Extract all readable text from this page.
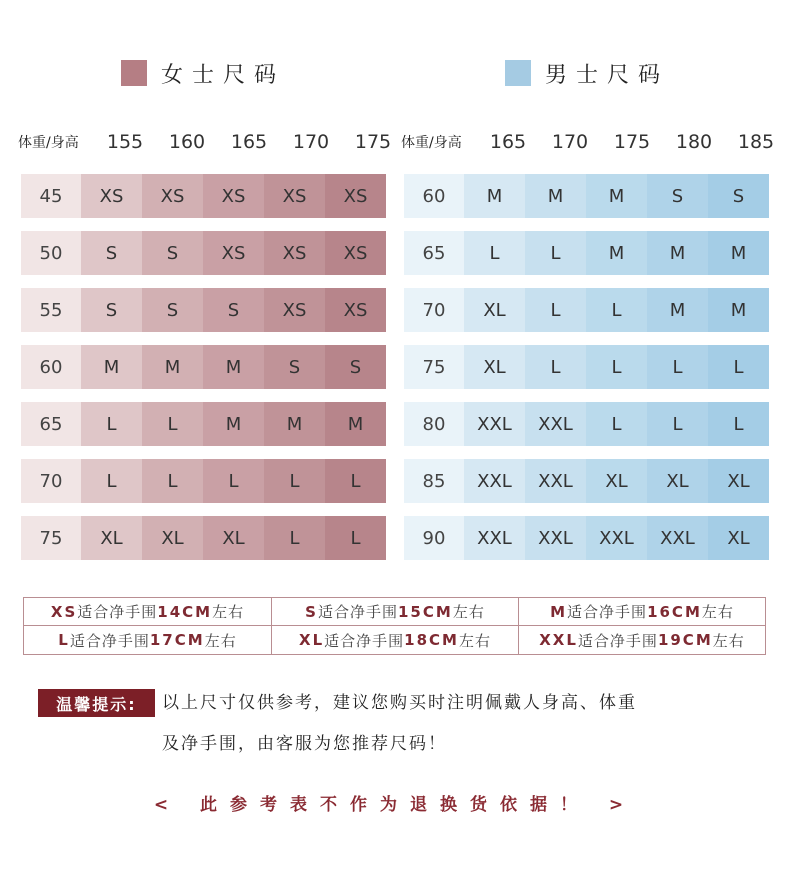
女士尺码	男士尺码
体重/身高	155	160	165	170	175
45	XS	XS	XS	XS	XS
50	S	S	XS	XS	XS
55	S	S	S	XS	XS
60	M	M	M	S	S
65	L	L	M	M	M
70	L	L	L	L	L
75	XL	XL	XL	L	L
体重/身高	165	170	175	180	185
60	M	M	M	S	S
65	L	L	M	M	M
70	XL	L	L	M	M
75	XL	L	L	L	L
80	XXL	XXL	L	L	L
85	XXL	XXL	XL	XL	XL
90	XXL	XXL	XXL	XXL	XL
XS 适合净手围 14CM 左右	S 适合净手围 15CM 左右	M 适合净手围 16CM 左右
L 适合净手围 17CM 左右	XL 适合净手围 18CM 左右	XXL 适合净手围 19CM 左右
温馨提示:	以上尺寸仅供参考，建议您购买时注明佩戴人身高、体重
及净手围，由客服为您推荐尺码！
< 此参考表不作为退换货依据！ >
